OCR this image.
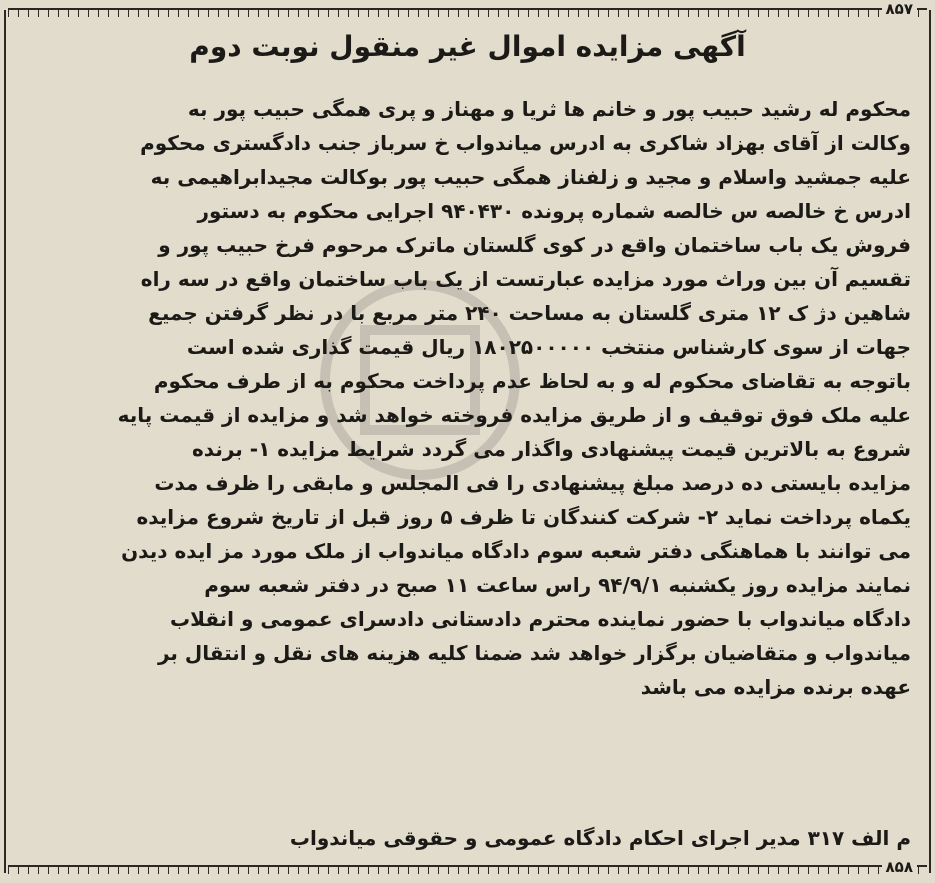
۸۵۷
آگهی مزایده اموال غیر منقول نوبت دوم
محکوم له رشید حبیب پور و خانم ها ثریا و مهناز و پری همگی حبیب پور به
وکالت از آقای بهزاد شاکری به ادرس میاندواب خ سرباز جنب دادگستری محکوم
علیه جمشید واسلام و مجید و زلفناز همگی حبیب پور بوکالت مجیدابراهیمی به
ادرس خ خالصه س خالصه شماره پرونده ۹۴۰۴۳۰ اجرایی محکوم به دستور
فروش یک باب ساختمان واقع در کوی گلستان ماترک مرحوم فرخ حبیب پور و
تقسیم آن بین وراث مورد مزایده عبارتست از یک باب ساختمان واقع در سه راه
شاهین دژ ک ۱۲ متری گلستان به مساحت ۲۴۰ متر مربع با در نظر گرفتن جمیع
جهات از سوی کارشناس منتخب ۱۸۰۲۵۰۰۰۰۰ ریال قیمت گذاری شده است
باتوجه به تقاضای محکوم له و به لحاظ عدم پرداخت محکوم به از طرف محکوم
علیه ملک فوق توقیف و از طریق مزایده فروخته خواهد شد و مزایده از قیمت پایه
شروع به بالاترین قیمت پیشنهادی واگذار می گردد شرایط مزایده ۱- برنده
مزایده بایستی ده درصد مبلغ پیشنهادی را فی المجلس و مابقی را ظرف مدت
یکماه پرداخت نماید ۲- شرکت کنندگان تا ظرف ۵ روز قبل از تاریخ شروع مزایده
می توانند با هماهنگی دفتر شعبه سوم دادگاه میاندواب از ملک مورد مز ایده دیدن
نمایند مزایده روز یکشنبه ۹۴/۹/۱ راس ساعت ۱۱ صبح در دفتر شعبه سوم
دادگاه میاندواب با حضور نماینده محترم دادستانی دادسرای عمومی و انقلاب
میاندواب و متقاضیان برگزار خواهد شد ضمنا کلیه هزینه های نقل و انتقال بر
عهده برنده مزایده می باشد
م الف ۳۱۷ مدیر اجرای احکام دادگاه عمومی و حقوقی میاندواب
۸۵۸
